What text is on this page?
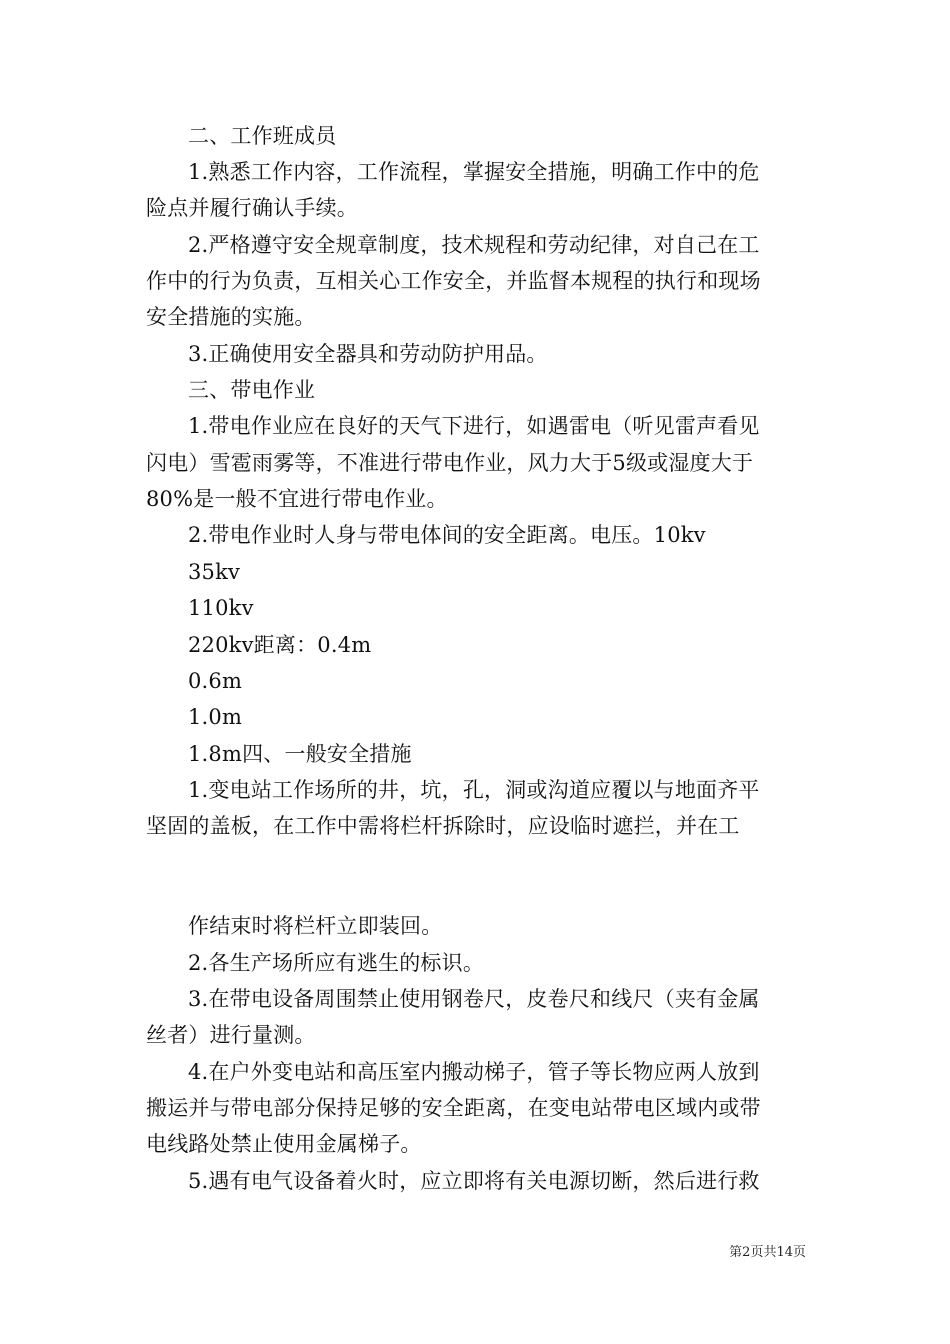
二、工作班成员
1.熟悉工作内容，工作流程，掌握安全措施，明确工作中的危
险点并履行确认手续。
2.严格遵守安全规章制度，技术规程和劳动纪律，对自己在工
作中的行为负责，互相关心工作安全，并监督本规程的执行和现场
安全措施的实施。
3.正确使用安全器具和劳动防护用品。
三、带电作业
1.带电作业应在良好的天气下进行，如遇雷电（听见雷声看见
闪电）雪雹雨雾等，不准进行带电作业，风力大于5级或湿度大于
80%是一般不宜进行带电作业。
2.带电作业时人身与带电体间的安全距离。电压。10kv
35kv
110kv
220kv距离：0.4m
0.6m
1.0m
1.8m四、一般安全措施
1.变电站工作场所的井，坑，孔，洞或沟道应覆以与地面齐平
坚固的盖板，在工作中需将栏杆拆除时，应设临时遮拦，并在工
作结束时将栏杆立即装回。
2.各生产场所应有逃生的标识。
3.在带电设备周围禁止使用钢卷尺，皮卷尺和线尺（夹有金属
丝者）进行量测。
4.在户外变电站和高压室内搬动梯子，管子等长物应两人放到
搬运并与带电部分保持足够的安全距离，在变电站带电区域内或带
电线路处禁止使用金属梯子。
5.遇有电气设备着火时，应立即将有关电源切断，然后进行救
第2页共14页
